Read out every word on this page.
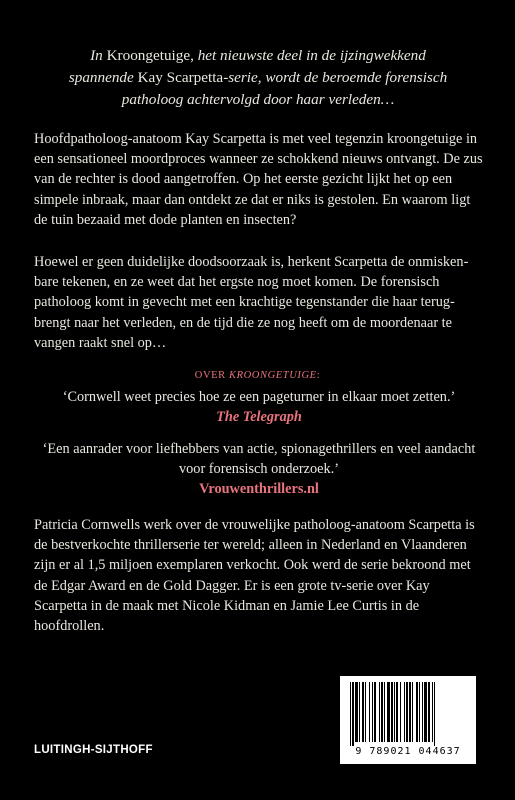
In Kroongetuige, het nieuwste deel in de ijzingwekkend spannende Kay Scarpetta-serie, wordt de beroemde forensisch patholoog achtervolgd door haar verleden…

Hoofdpatholoog-anatoom Kay Scarpetta is met veel tegenzin kroongetuige in een sensationeel moordproces wanneer ze schokkend nieuws ontvangt. De zus van de rechter is dood aangetroffen. Op het eerste gezicht lijkt het op een simpele inbraak, maar dan ontdekt ze dat er niks is gestolen. En waarom ligt de tuin bezaaid met dode planten en insecten?

Hoewel er geen duidelijke doodsoorzaak is, herkent Scarpetta de onmiskenbare tekenen, en ze weet dat het ergste nog moet komen. De forensisch patholoog komt in gevecht met een krachtige tegenstander die haar terugbrengt naar het verleden, en de tijd die ze nog heeft om de moordenaar te vangen raakt snel op…

OVER KROONGETUIGE:

‘Cornwell weet precies hoe ze een pageturner in elkaar moet zetten.’
The Telegraph

‘Een aanrader voor liefhebbers van actie, spionagethrillers en veel aandacht voor forensisch onderzoek.’
Vrouwenthrillers.nl

Patricia Cornwells werk over de vrouwelijke patholoog-anatoom Scarpetta is de bestverkochte thrillerserie ter wereld; alleen in Nederland en Vlaanderen zijn er al 1,5 miljoen exemplaren verkocht. Ook werd de serie bekroond met de Edgar Award en de Gold Dagger. Er is een grote tv-serie over Kay Scarpetta in de maak met Nicole Kidman en Jamie Lee Curtis in de hoofdrollen.

LUITINGH-SIJTHOFF	9 789021 044637
